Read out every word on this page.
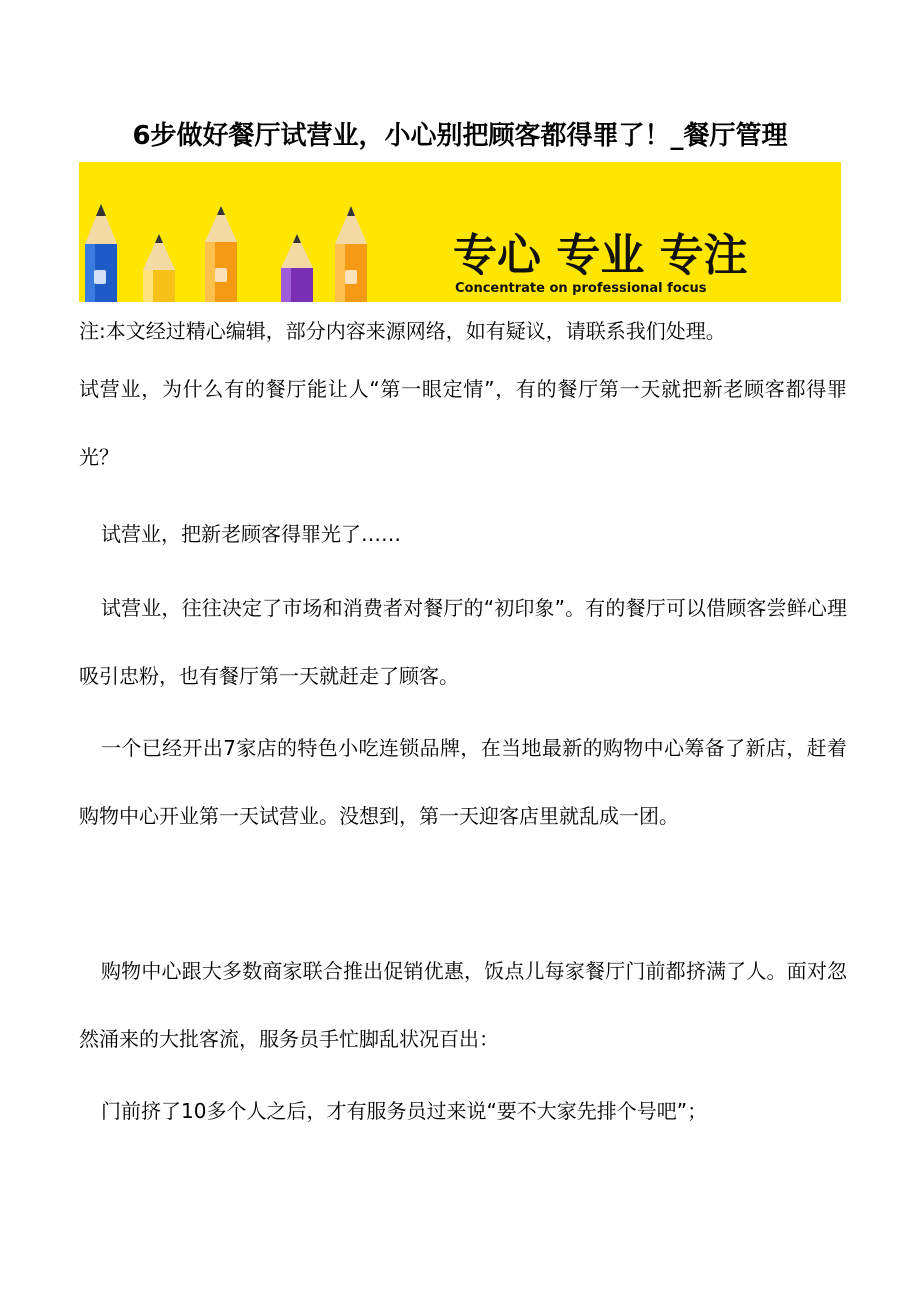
6步做好餐厅试营业，小心别把顾客都得罪了！_餐厅管理
专心 专业 专注
Concentrate on professional focus
注:本文经过精心编辑，部分内容来源网络，如有疑议，请联系我们处理。

试营业，为什么有的餐厅能让人“第一眼定情”，有的餐厅第一天就把新老顾客都得罪光？

试营业，把新老顾客得罪光了……

试营业，往往决定了市场和消费者对餐厅的“初印象”。有的餐厅可以借顾客尝鲜心理吸引忠粉，也有餐厅第一天就赶走了顾客。

一个已经开出7家店的特色小吃连锁品牌，在当地最新的购物中心筹备了新店，赶着购物中心开业第一天试营业。没想到，第一天迎客店里就乱成一团。

购物中心跟大多数商家联合推出促销优惠，饭点儿每家餐厅门前都挤满了人。面对忽然涌来的大批客流，服务员手忙脚乱状况百出：

门前挤了10多个人之后，才有服务员过来说“要不大家先排个号吧”；
